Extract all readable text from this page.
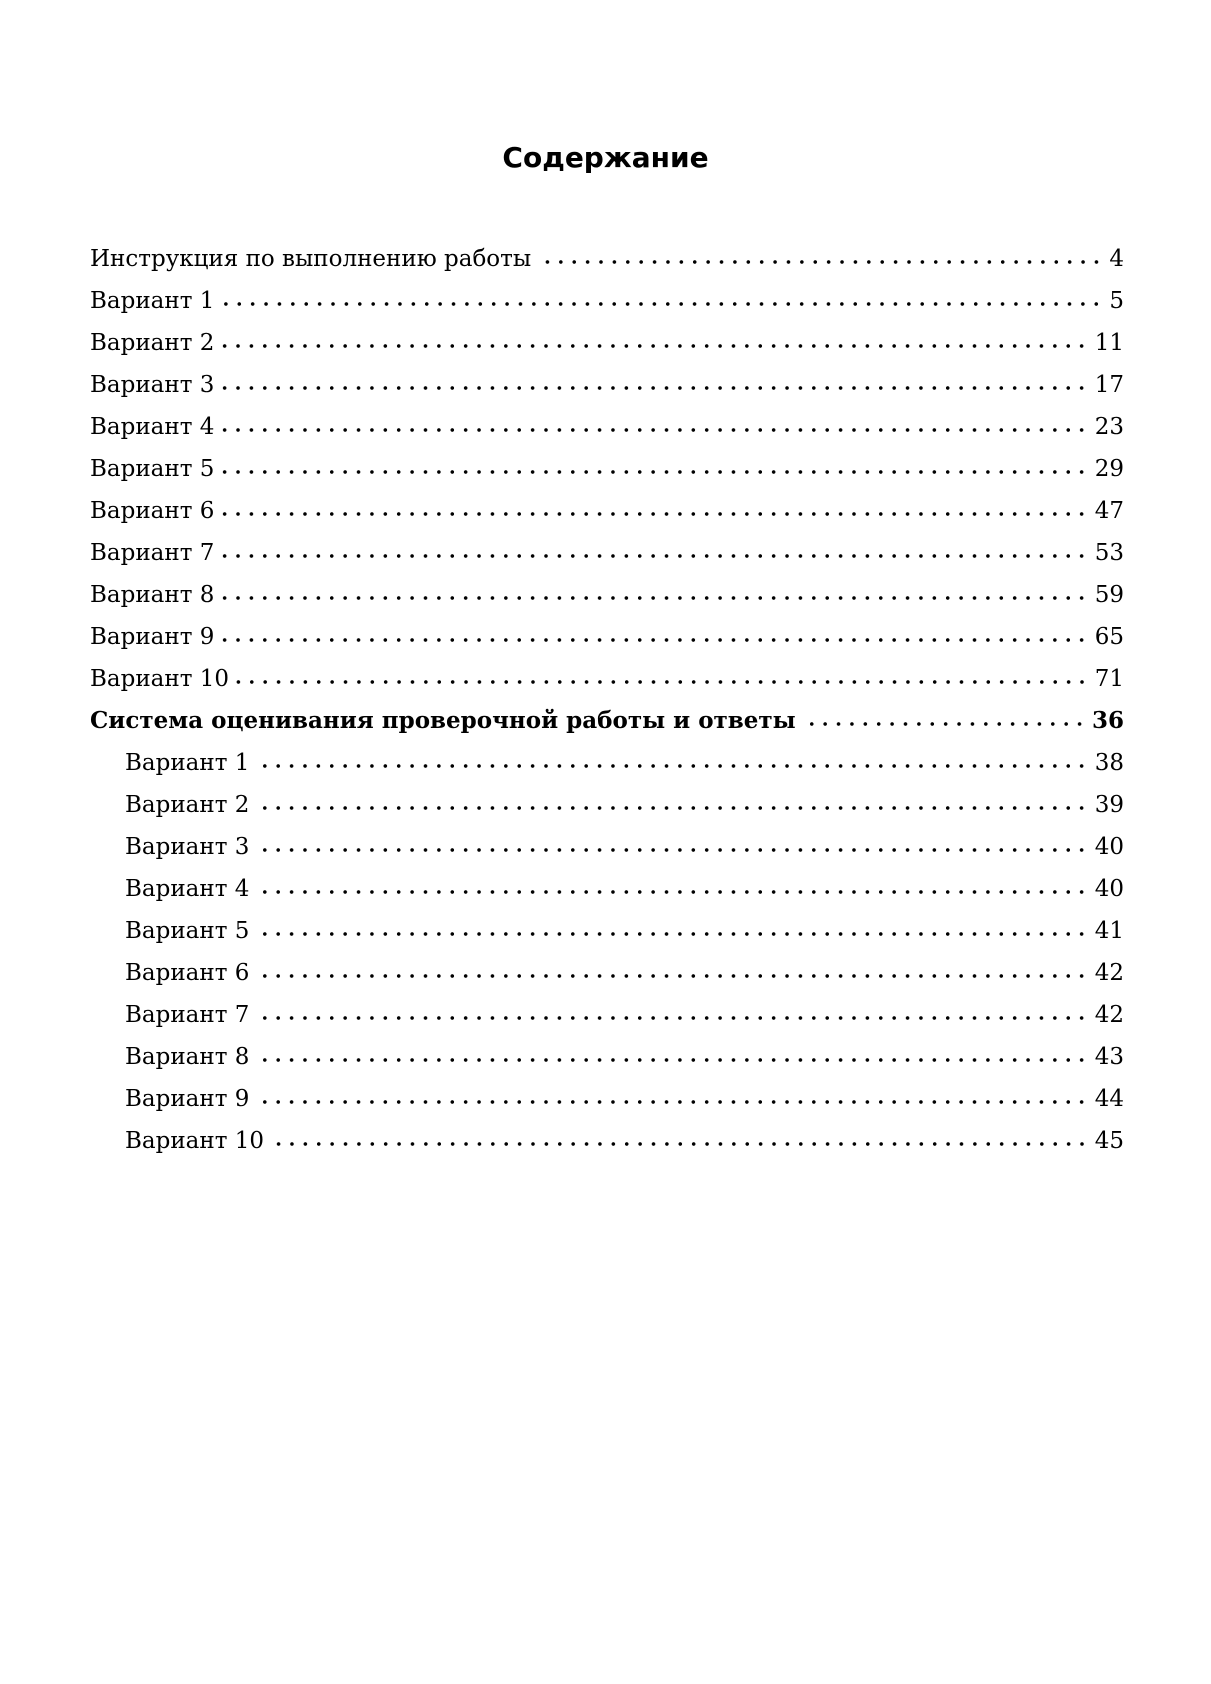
Содержание
Инструкция по выполнению работы	4
Вариант 1	5
Вариант 2	11
Вариант 3	17
Вариант 4	23
Вариант 5	29
Вариант 6	47
Вариант 7	53
Вариант 8	59
Вариант 9	65
Вариант 10	71
Система оценивания проверочной работы и ответы	36
Вариант 1	38
Вариант 2	39
Вариант 3	40
Вариант 4	40
Вариант 5	41
Вариант 6	42
Вариант 7	42
Вариант 8	43
Вариант 9	44
Вариант 10	45
